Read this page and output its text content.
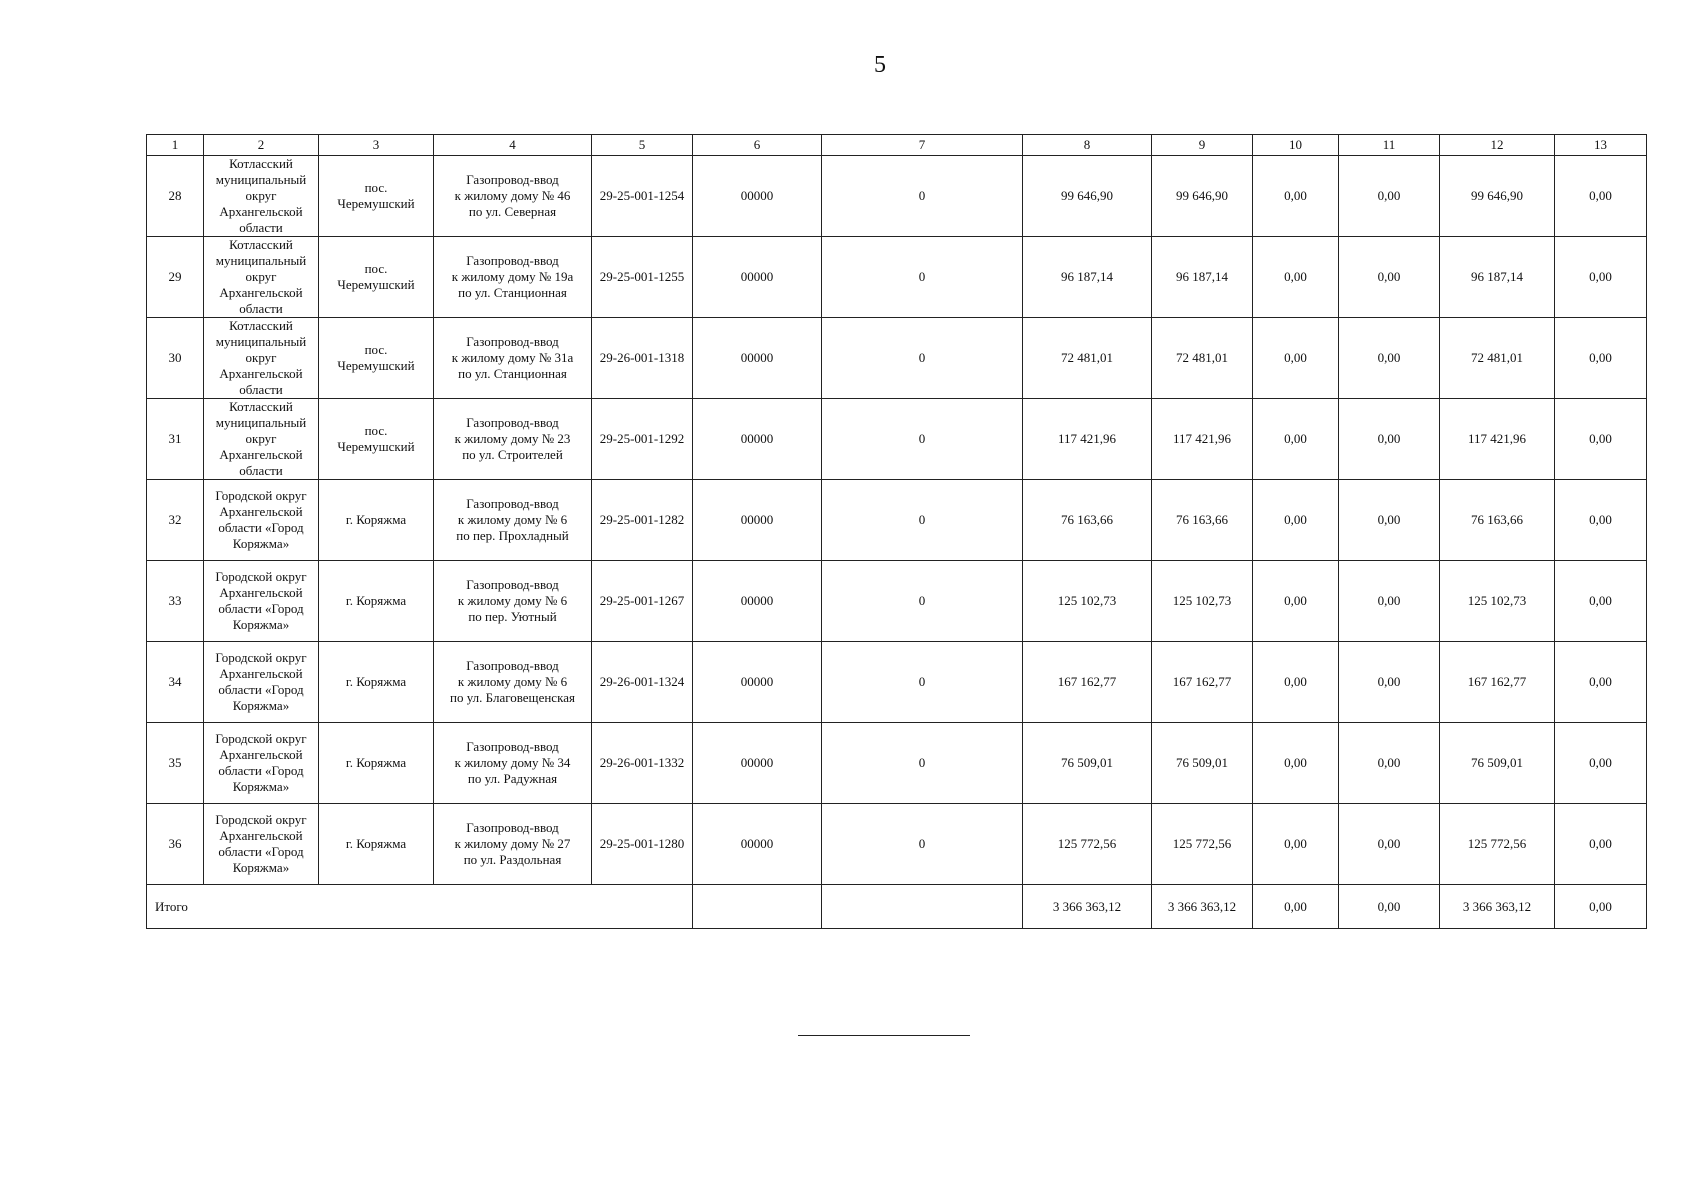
5
1	2	3	4	5	6	7	8	9	10	11	12	13
28	Котласский
муниципальный
округ
Архангельской
области	пос.
Черемушский	Газопровод-ввод
к жилому дому № 46
по ул. Северная	29-25-001-1254	00000	0	99 646,90	99 646,90	0,00	0,00	99 646,90	0,00
29	Котласский
муниципальный
округ
Архангельской
области	пос.
Черемушский	Газопровод-ввод
к жилому дому № 19а
по ул. Станционная	29-25-001-1255	00000	0	96 187,14	96 187,14	0,00	0,00	96 187,14	0,00
30	Котласский
муниципальный
округ
Архангельской
области	пос.
Черемушский	Газопровод-ввод
к жилому дому № 31а
по ул. Станционная	29-26-001-1318	00000	0	72 481,01	72 481,01	0,00	0,00	72 481,01	0,00
31	Котласский
муниципальный
округ
Архангельской
области	пос.
Черемушский	Газопровод-ввод
к жилому дому № 23
по ул. Строителей	29-25-001-1292	00000	0	117 421,96	117 421,96	0,00	0,00	117 421,96	0,00
32	Городской округ
Архангельской
области «Город
Коряжма»	г. Коряжма	Газопровод-ввод
к жилому дому № 6
по пер. Прохладный	29-25-001-1282	00000	0	76 163,66	76 163,66	0,00	0,00	76 163,66	0,00
33	Городской округ
Архангельской
области «Город
Коряжма»	г. Коряжма	Газопровод-ввод
к жилому дому № 6
по пер. Уютный	29-25-001-1267	00000	0	125 102,73	125 102,73	0,00	0,00	125 102,73	0,00
34	Городской округ
Архангельской
области «Город
Коряжма»	г. Коряжма	Газопровод-ввод
к жилому дому № 6
по ул. Благовещенская	29-26-001-1324	00000	0	167 162,77	167 162,77	0,00	0,00	167 162,77	0,00
35	Городской округ
Архангельской
области «Город
Коряжма»	г. Коряжма	Газопровод-ввод
к жилому дому № 34
по ул. Радужная	29-26-001-1332	00000	0	76 509,01	76 509,01	0,00	0,00	76 509,01	0,00
36	Городской округ
Архангельской
области «Город
Коряжма»	г. Коряжма	Газопровод-ввод
к жилому дому № 27
по ул. Раздольная	29-25-001-1280	00000	0	125 772,56	125 772,56	0,00	0,00	125 772,56	0,00
Итого							3 366 363,12	3 366 363,12	0,00	0,00	3 366 363,12	0,00
